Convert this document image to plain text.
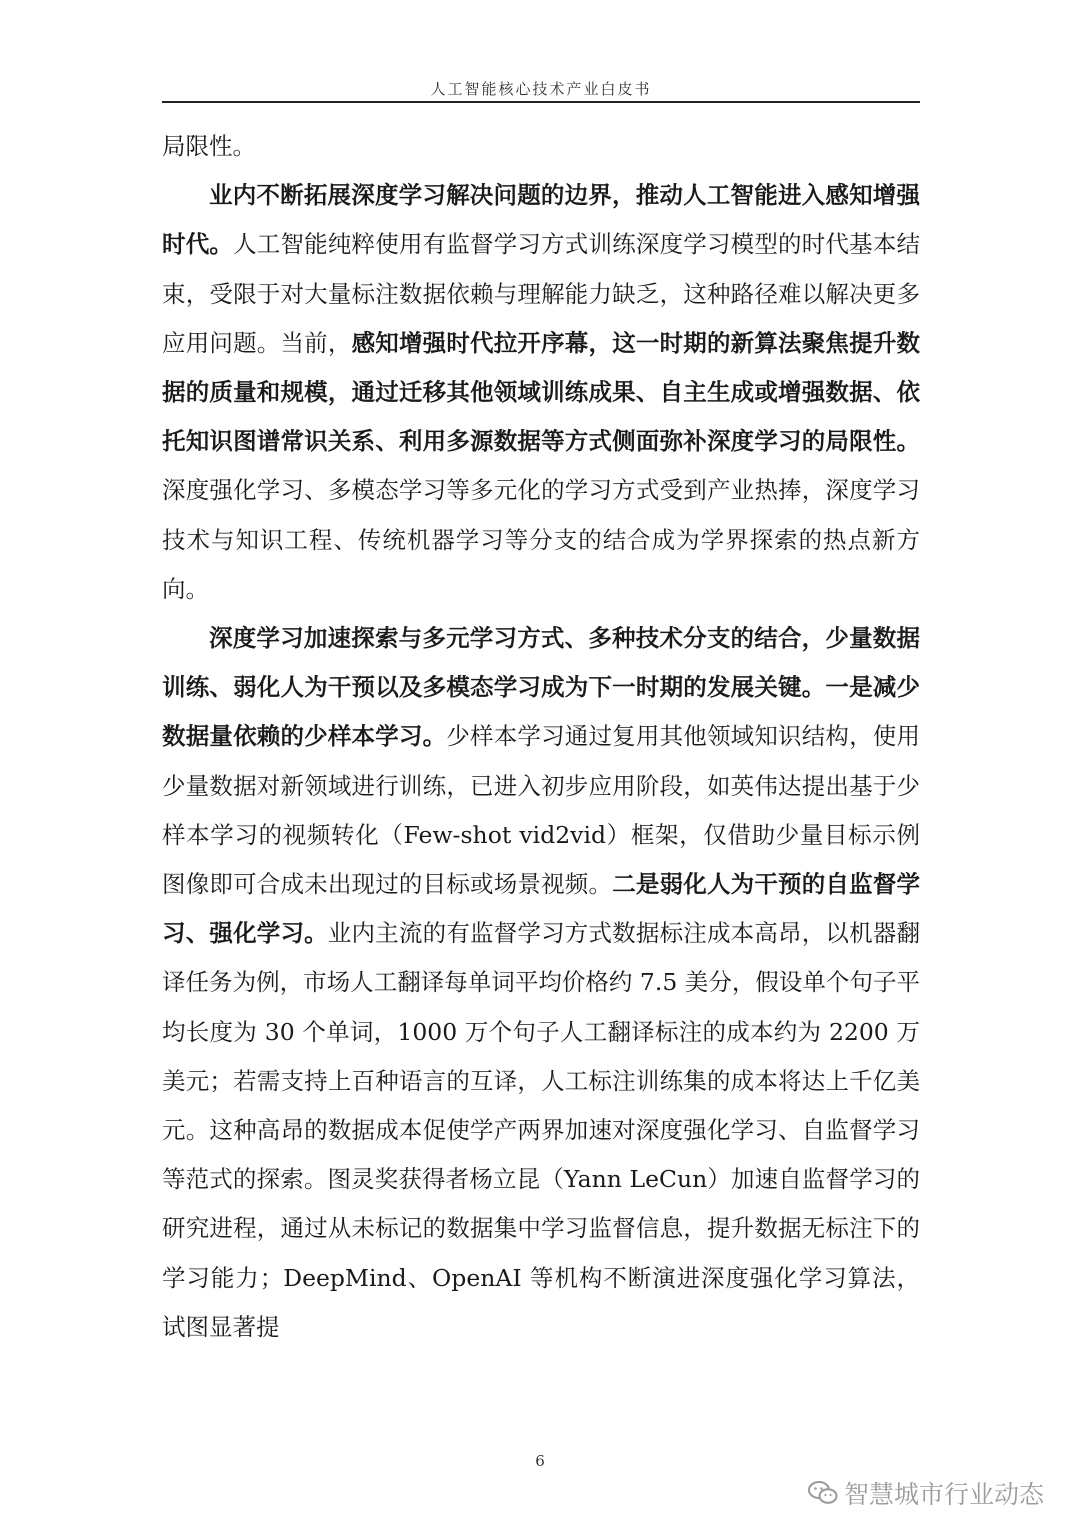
人工智能核心技术产业白皮书

局限性。

业内不断拓展深度学习解决问题的边界，推动人工智能进入感知增强时代。人工智能纯粹使用有监督学习方式训练深度学习模型的时代基本结束，受限于对大量标注数据依赖与理解能力缺乏，这种路径难以解决更多应用问题。当前，感知增强时代拉开序幕，这一时期的新算法聚焦提升数据的质量和规模，通过迁移其他领域训练成果、自主生成或增强数据、依托知识图谱常识关系、利用多源数据等方式侧面弥补深度学习的局限性。深度强化学习、多模态学习等多元化的学习方式受到产业热捧，深度学习技术与知识工程、传统机器学习等分支的结合成为学界探索的热点新方向。

深度学习加速探索与多元学习方式、多种技术分支的结合，少量数据训练、弱化人为干预以及多模态学习成为下一时期的发展关键。一是减少数据量依赖的少样本学习。少样本学习通过复用其他领域知识结构，使用少量数据对新领域进行训练，已进入初步应用阶段，如英伟达提出基于少样本学习的视频转化（Few-shot vid2vid）框架，仅借助少量目标示例图像即可合成未出现过的目标或场景视频。二是弱化人为干预的自监督学习、强化学习。业内主流的有监督学习方式数据标注成本高昂，以机器翻译任务为例，市场人工翻译每单词平均价格约 7.5 美分，假设单个句子平均长度为 30 个单词，1000 万个句子人工翻译标注的成本约为 2200 万美元；若需支持上百种语言的互译，人工标注训练集的成本将达上千亿美元。这种高昂的数据成本促使学产两界加速对深度强化学习、自监督学习等范式的探索。图灵奖获得者杨立昆（Yann LeCun）加速自监督学习的研究进程，通过从未标记的数据集中学习监督信息，提升数据无标注下的学习能力；DeepMind、OpenAI 等机构不断演进深度强化学习算法，试图显著提

6
智慧城市行业动态
